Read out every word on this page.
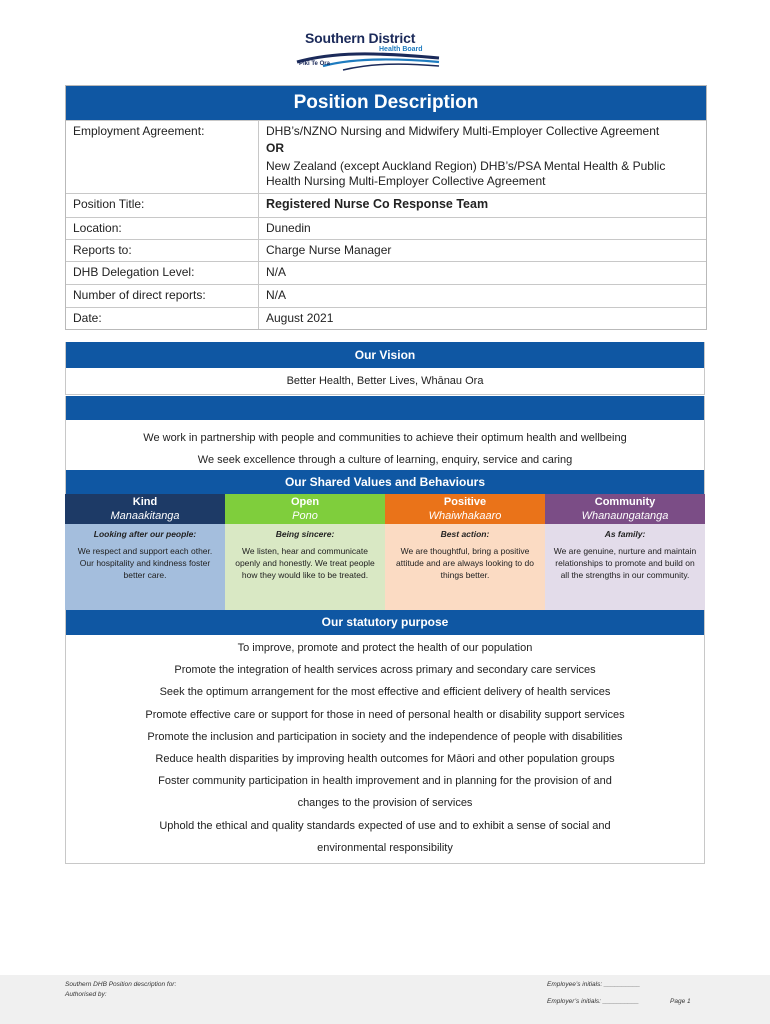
Southern District
Health Board
Piki Te Ora
Position Description
Employment Agreement:	DHB’s/NZNO Nursing and Midwifery Multi-Employer Collective Agreement
OR
New Zealand (except Auckland Region) DHB’s/PSA Mental Health & Public Health Nursing Multi-Employer Collective Agreement
Position Title:	Registered Nurse Co Response Team
Location:	Dunedin
Reports to:	Charge Nurse Manager
DHB Delegation Level:	N/A
Number of direct reports:	N/A
Date:	August 2021
Our Vision
Better Health, Better Lives, Whānau Ora
We work in partnership with people and communities to achieve their optimum health and wellbeing
We seek excellence through a culture of learning, enquiry, service and caring
Our Shared Values and Behaviours
Kind
Manaakitanga
Looking after our people:
We respect and support each other. Our hospitality and kindness foster better care.
Open
Pono
Being sincere:
We listen, hear and communicate openly and honestly. We treat people how they would like to be treated.
Positive
Whaiwhakaaro
Best action:
We are thoughtful, bring a positive attitude and are always looking to do things better.
Community
Whanaungatanga
As family:
We are genuine, nurture and maintain relationships to promote and build on all the strengths in our community.
Our statutory purpose
To improve, promote and protect the health of our population
Promote the integration of health services across primary and secondary care services
Seek the optimum arrangement for the most effective and efficient delivery of health services
Promote effective care or support for those in need of personal health or disability support services
Promote the inclusion and participation in society and the independence of people with disabilities
Reduce health disparities by improving health outcomes for Māori and other population groups
Foster community participation in health improvement and in planning for the provision of and
changes to the provision of services
Uphold the ethical and quality standards expected of use and to exhibit a sense of social and
environmental responsibility
Southern DHB Position description for:
Authorised by:
Employee’s initials: __________
Employer’s initials: __________	Page 1
